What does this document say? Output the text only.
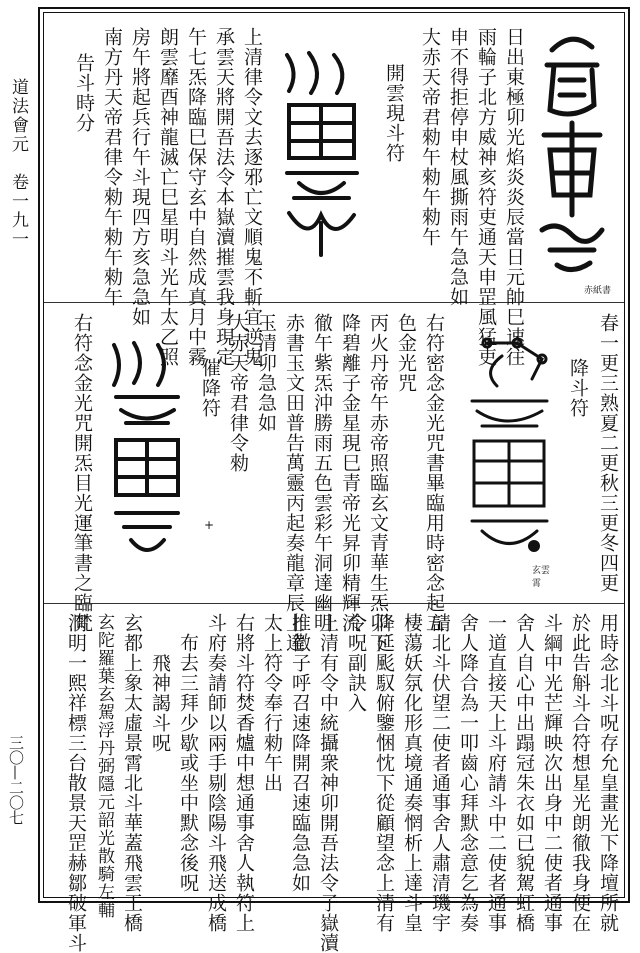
道法會元　卷一九一
三〇—二〇七
赤紙書
日出東極卯光焰炎炎辰當日元帥巳速往
雨輪子北方威神亥符吏通天申罡風猛吏
申不得拒停申杖風撕雨午急急如
大赤天帝君勑午勑午勑午
開雲現斗符
上清律令文去逐邪亡文順鬼不斬宜逆鬼
承雲天將開吾法令本嶽瀆摧雲我身現定
午七炁降臨巳保守玄中自然成真月中霧
朗雲靡酉神龍滅亡巳星明斗光午太乙照
房午將起兵行午斗現四方亥急急如
南方丹天帝君律令勑午勑午勑午
告斗時分
春一更三熟夏二更秋三更冬四更
降斗符
玄雲霄
右符密念金光咒書畢臨用時密念起五
色金光咒
丙火丹帝午赤帝照臨玄文青華生炁卯下
降碧離子金星現巳青帝光昇卯精輝流
徹午紫炁沖勝雨五色雲彩午洞達幽明
赤書玉文田普告萬靈丙起奏龍章辰上達
玉清卯急急如
大赤天帝君律令勑
催降符
+
右符念金光咒開炁目光運筆書之臨梵
用時念北斗呪存允皇畫光下降壇所就
於此告斛斗合符想星光朗徹我身便在
斗綱中光芒輝映次出身中二使者通事
舍人自心中出蹋冠朱衣如已貌駕虹橋
一道直接天上斗府請斗中二使者通事
舍人降合為一叩齒心拜默念意乞為奏
請北斗伏望二使者通事舍人肅清璣宇
棲蕩妖氛化形真境通奏惘析上達斗皇
降延颩馭俯鑒悃忱下從顧望念上清有
令呪副訣入
上清有令中統攝衆神卯開吾法令子嶽瀆
推徵子呼召速降開召速臨急急如
太上符令奉行勑午出
右將斗符焚香爐中想通事舍人執符上
斗府奏請師以兩手剔陰陽斗飛送成橋
布去三拜少歇或坐中默念後呪
飛神謁斗呪
玄都上象太虛景霄北斗華蓋飛雲王橋
玄陀羅葉玄駕浮丹弼隱元韶光散騎左輔
洞明一熙祥標三台散景天罡赫鄒破軍斗
